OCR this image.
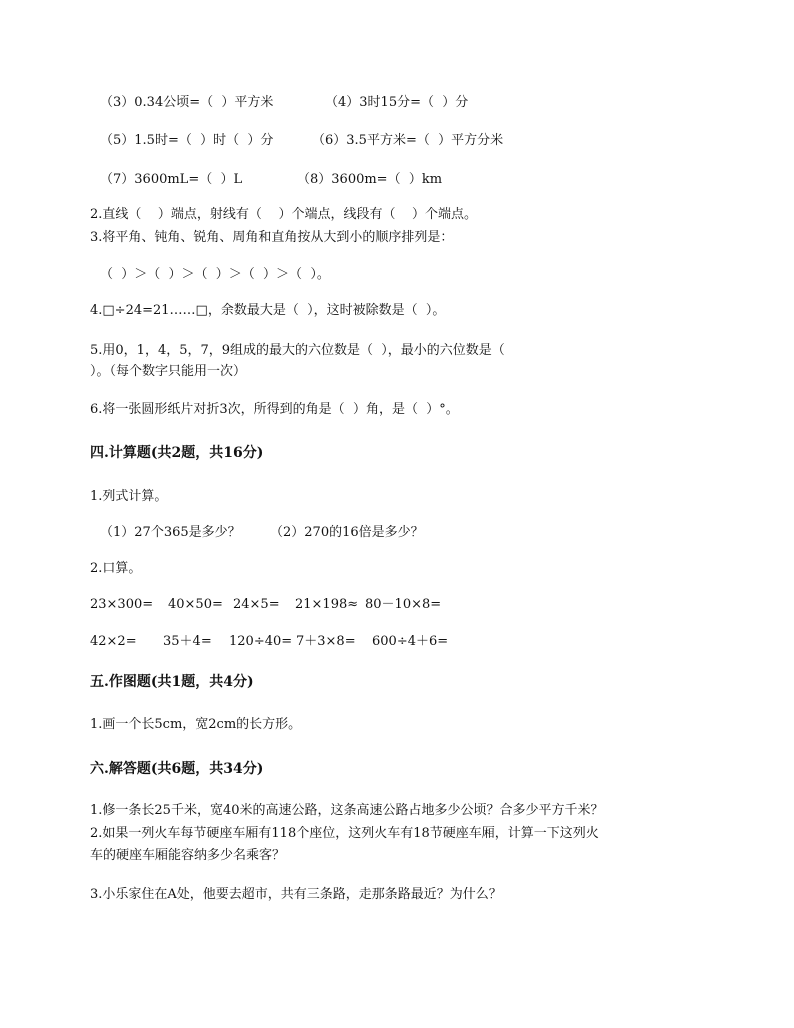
（3）0.34公顷=（  ）平方米	（4）3时15分=（  ）分
（5）1.5时=（  ）时（  ）分	（6）3.5平方米=（  ）平方分米
（7）3600mL=（  ）L	（8）3600m=（  ）km
2.直线（    ）端点，射线有（    ）个端点，线段有（    ）个端点。
3.将平角、钝角、锐角、周角和直角按从大到小的顺序排列是：
（  ）＞（  ）＞（  ）＞（  ）＞（  ）。
4.□÷24=21……□，余数最大是（  ），这时被除数是（  ）。
5.用0，1，4，5，7，9组成的最大的六位数是（  ），最小的六位数是（
）。（每个数字只能用一次）
6.将一张圆形纸片对折3次，所得到的角是（  ）角，是（  ）°。
四.计算题(共2题，共16分)
1.列式计算。
（1）27个365是多少？ （2）270的16倍是多少？
2.口算。
23×300= 40×50= 24×5= 21×198≈ 80－10×8=
42×2= 35＋4= 120÷40= 7＋3×8= 600÷4＋6=
五.作图题(共1题，共4分)
1.画一个长5cm，宽2cm的长方形。
六.解答题(共6题，共34分)
1.修一条长25千米，宽40米的高速公路，这条高速公路占地多少公顷？合多少平方千米？
2.如果一列火车每节硬座车厢有118个座位，这列火车有18节硬座车厢，计算一下这列火
车的硬座车厢能容纳多少名乘客？
3.小乐家住在A处，他要去超市，共有三条路，走那条路最近？为什么？
